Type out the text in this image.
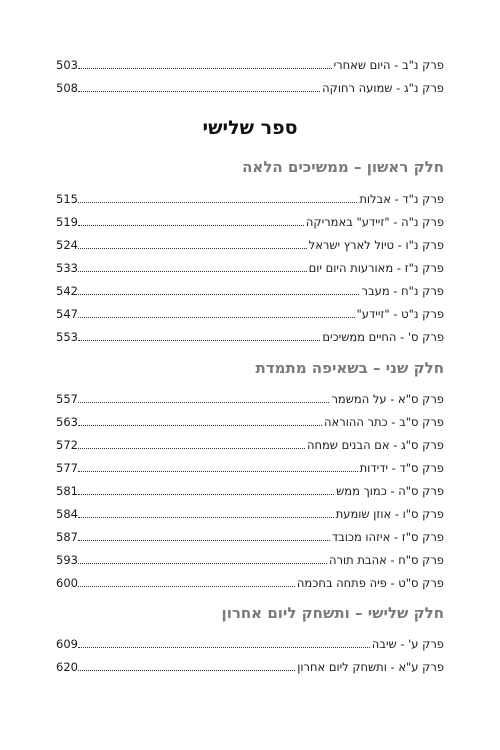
פרק נ"ב - היום שאחרי
503
פרק נ"ג - שמועה רחוקה
508
ספר שלישי
חלק ראשון – ממשיכים הלאה
פרק נ"ד - אבלות
515
פרק נ"ה - "זיידע" באמריקה
519
פרק נ"ו - טיול לארץ ישראל
524
פרק נ"ז - מאורעות היום יום
533
פרק נ"ח - מעבר
542
פרק נ"ט - "זיידע"
547
פרק ס' - החיים ממשיכים
553
חלק שני – בשאיפה מתמדת
פרק ס"א - על המשמר
557
פרק ס"ב - כתר ההוראה
563
פרק ס"ג - אם הבנים שמחה
572
פרק ס"ד - ידידות
577
פרק ס"ה - כמוך ממש
581
פרק ס"ו - אוזן שומעת
584
פרק ס"ז - איזהו מכובד
587
פרק ס"ח - אהבת תורה
593
פרק ס"ט - פיה פתחה בחכמה
600
חלק שלישי – ותשחק ליום אחרון
פרק ע' - שיבה
609
פרק ע"א - ותשחק ליום אחרון
620
